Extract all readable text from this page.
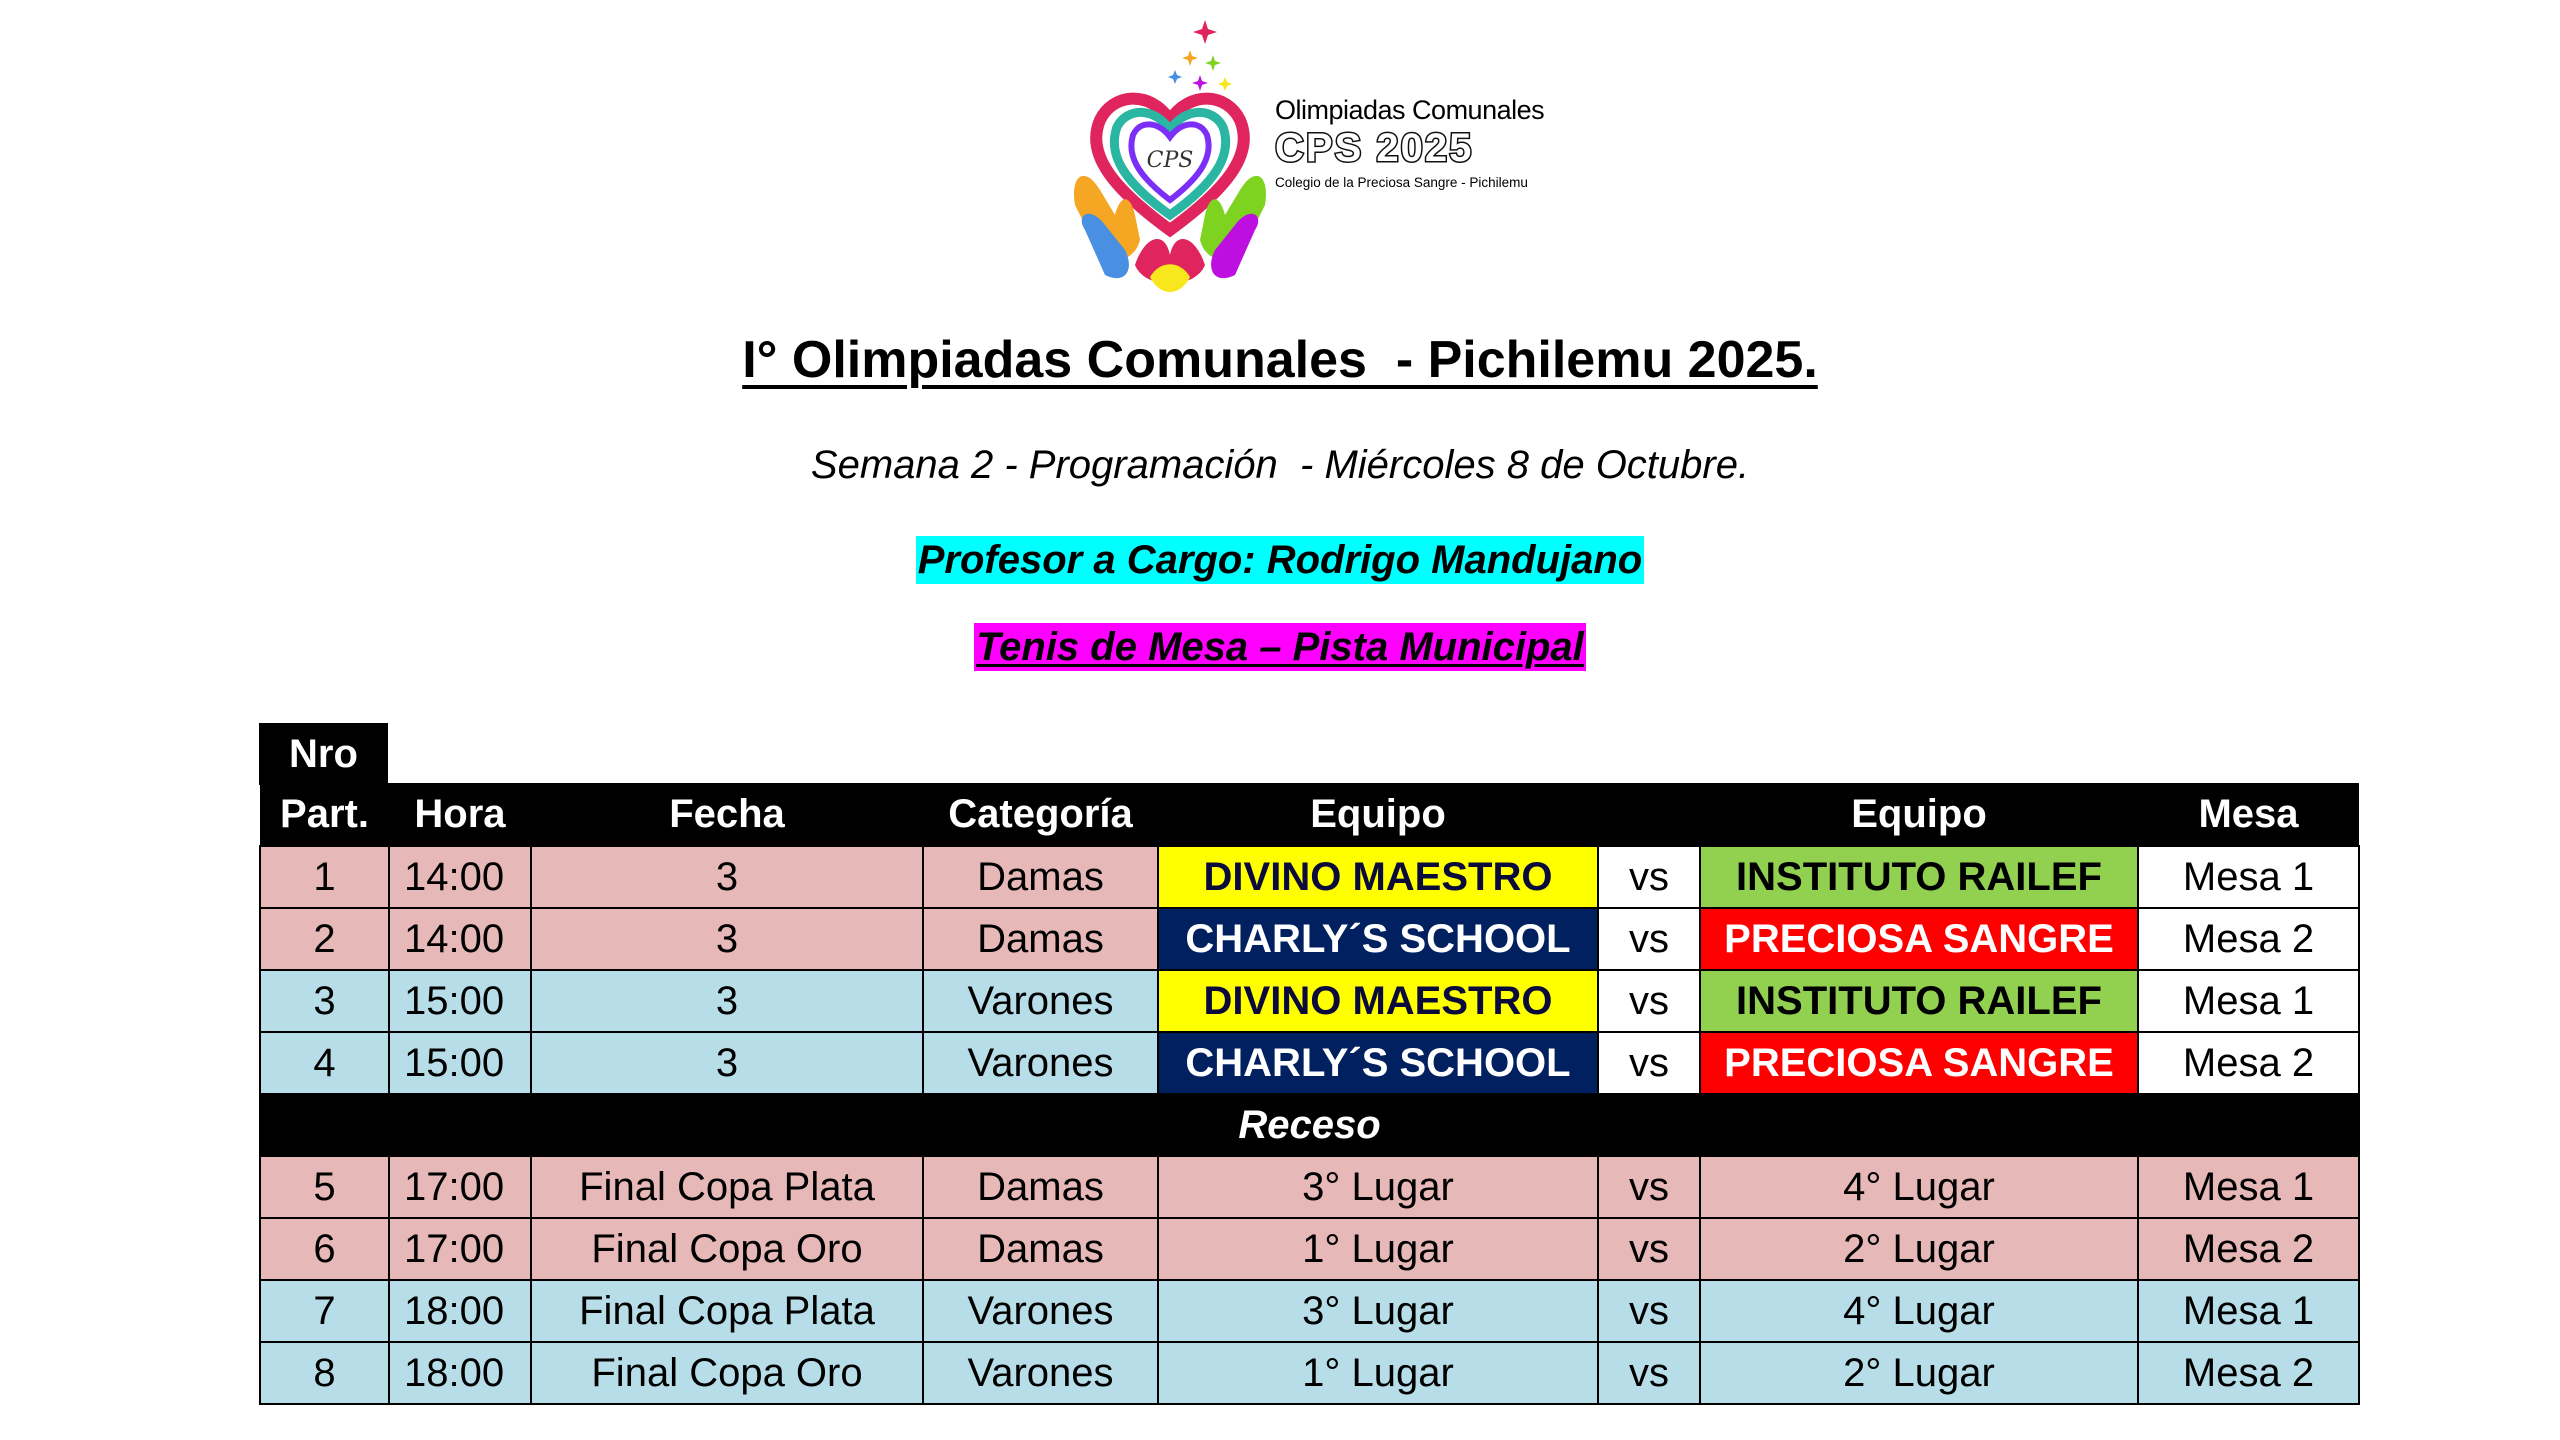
CPS
Olimpiadas Comunales
CPS 2025
Colegio de la Preciosa Sangre - Pichilemu
I° Olimpiadas Comunales  - Pichilemu 2025.
Semana 2 - Programación  - Miércoles 8 de Octubre.
Profesor a Cargo: Rodrigo Mandujano
Tenis de Mesa – Pista Municipal
Nro
Part.	Hora	Fecha	Categoría	Equipo		Equipo	Mesa
1	14:00	3	Damas	DIVINO MAESTRO	vs	INSTITUTO RAILEF	Mesa 1
2	14:00	3	Damas	CHARLY´S SCHOOL	vs	PRECIOSA SANGRE	Mesa 2
3	15:00	3	Varones	DIVINO MAESTRO	vs	INSTITUTO RAILEF	Mesa 1
4	15:00	3	Varones	CHARLY´S SCHOOL	vs	PRECIOSA SANGRE	Mesa 2
Receso							
5	17:00	Final Copa Plata	Damas	3° Lugar	vs	4° Lugar	Mesa 1
6	17:00	Final Copa Oro	Damas	1° Lugar	vs	2° Lugar	Mesa 2
7	18:00	Final Copa Plata	Varones	3° Lugar	vs	4° Lugar	Mesa 1
8	18:00	Final Copa Oro	Varones	1° Lugar	vs	2° Lugar	Mesa 2
